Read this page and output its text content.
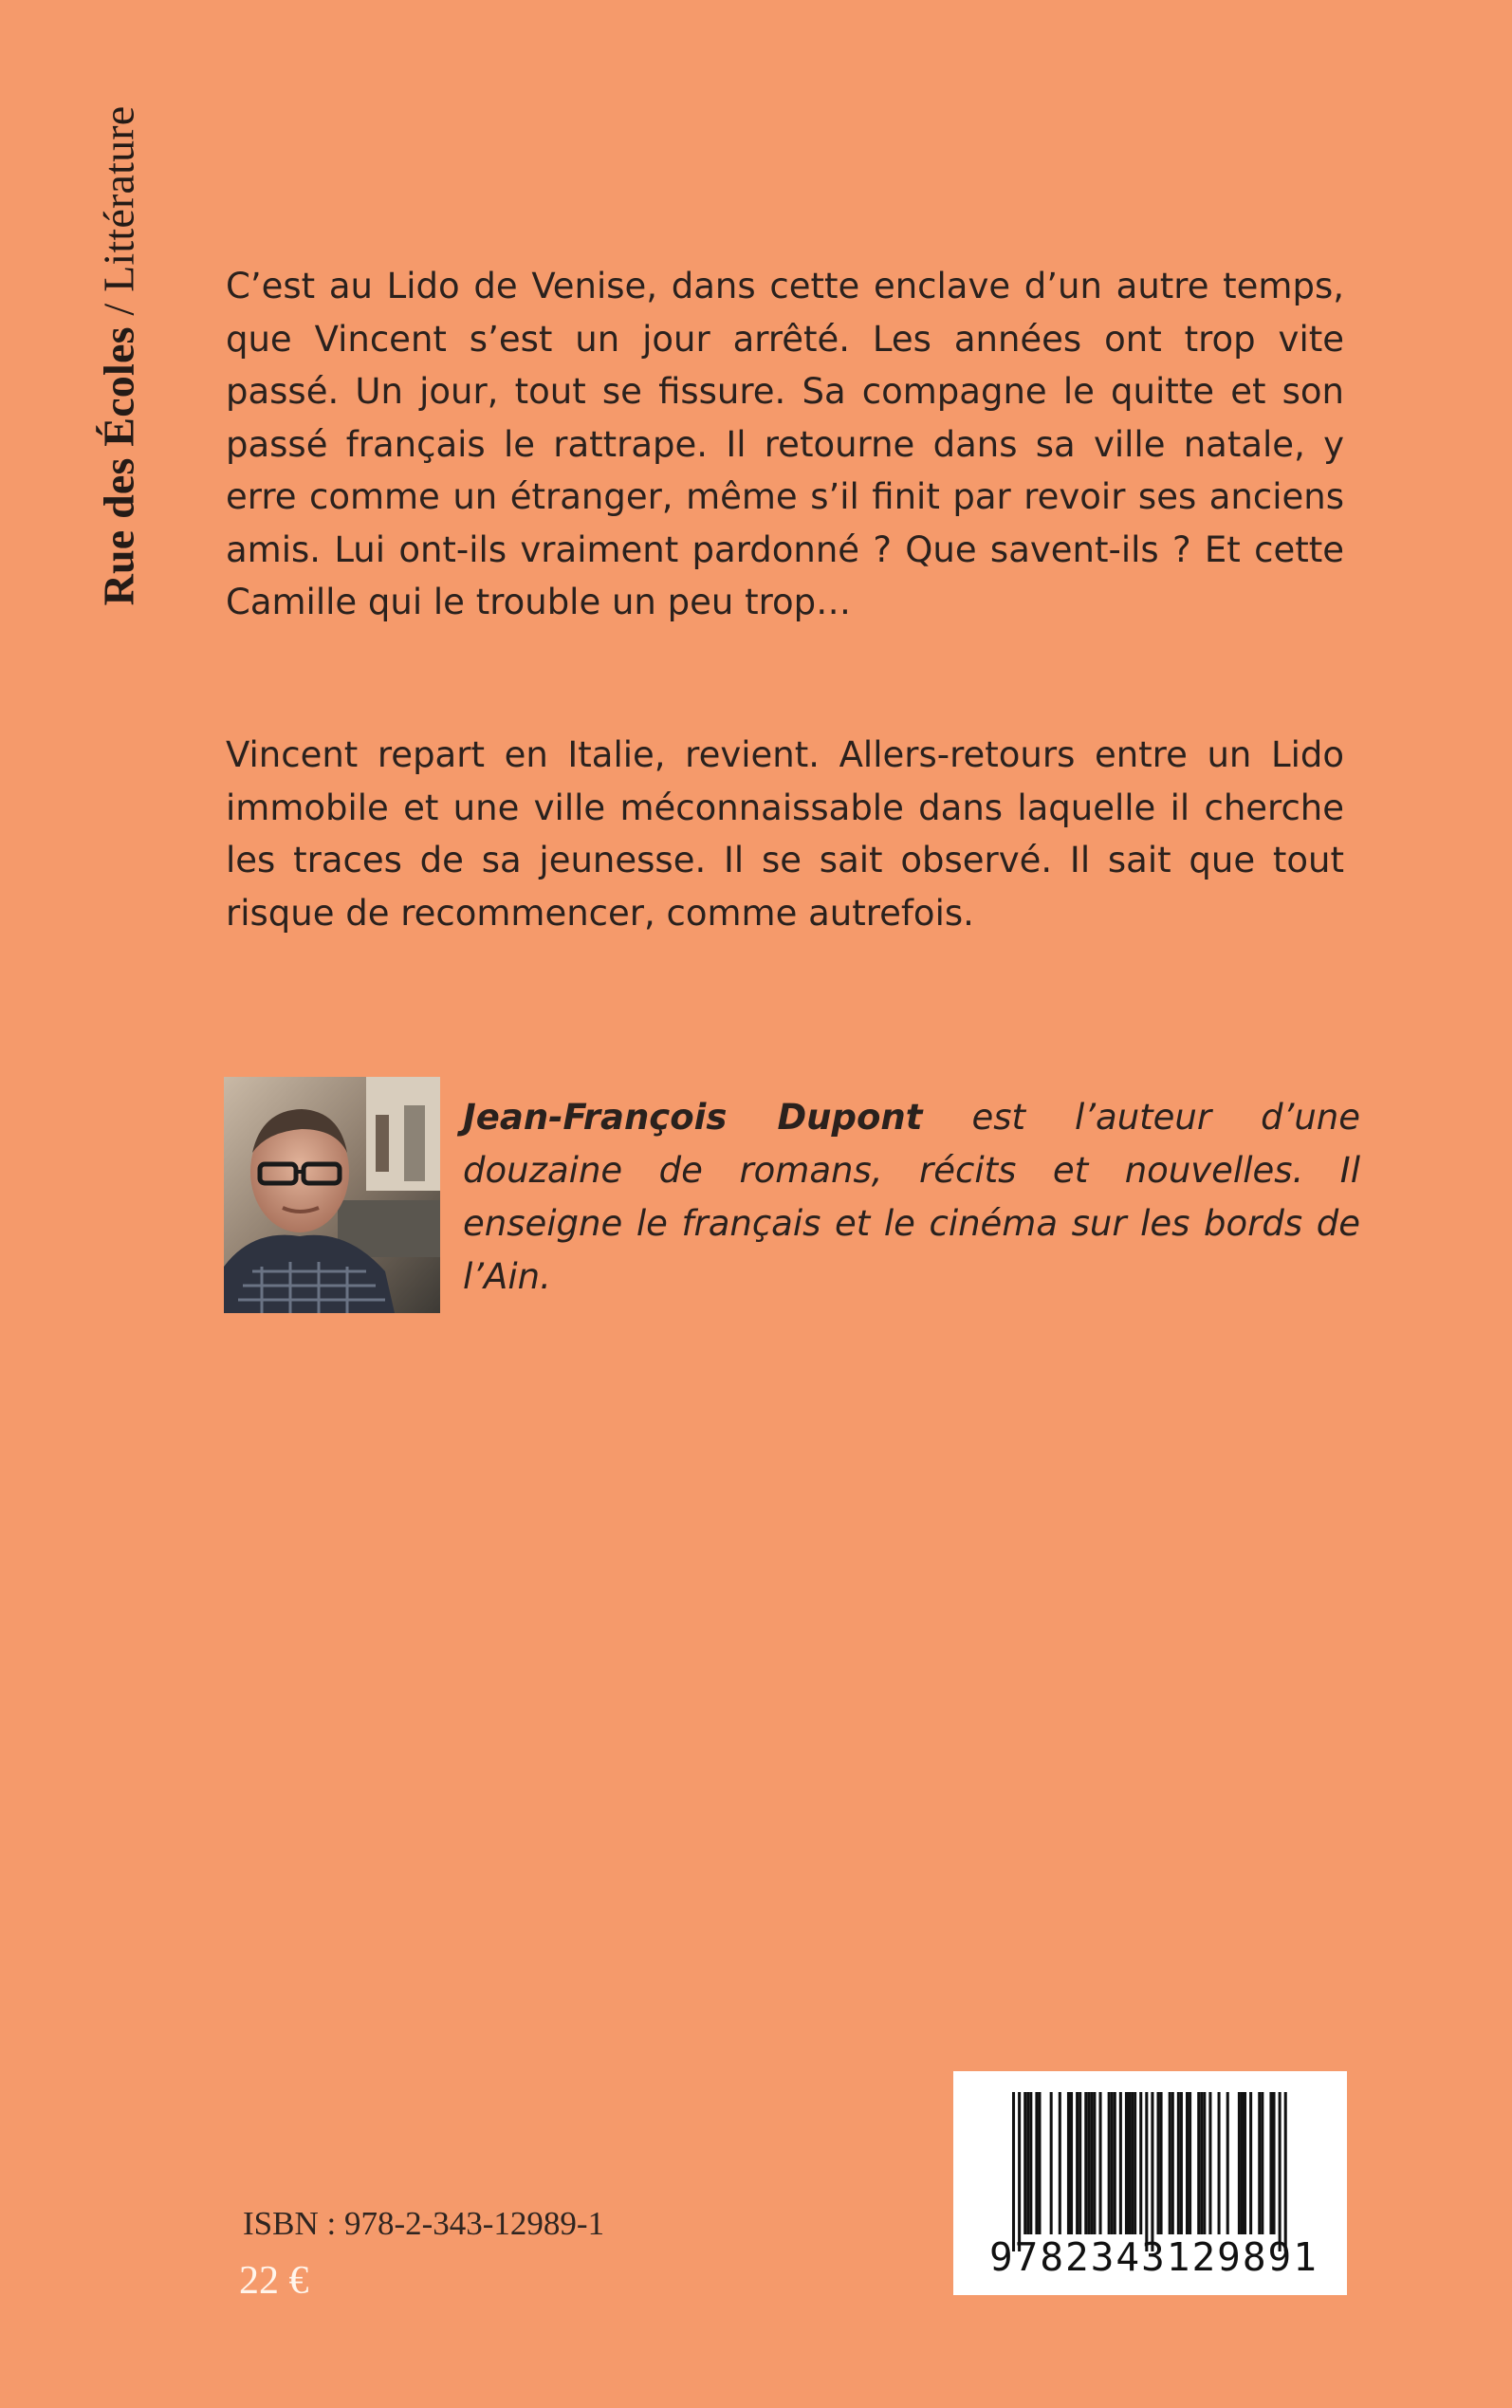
Rue des Écoles / Littérature C’est au Lido de Venise, dans cette enclave d’un autre temps, que Vincent s’est un jour arrêté. Les années ont trop vite passé. Un jour, tout se fissure. Sa compagne le quitte et son passé français le rattrape. Il retourne dans sa ville natale, y erre comme un étranger, même s’il finit par revoir ses anciens amis. Lui ont-ils vraiment pardonné ? Que savent-ils ? Et cette Camille qui le trouble un peu trop…

Vincent repart en Italie, revient. Allers-retours entre un Lido immobile et une ville méconnaissable dans laquelle il cherche les traces de sa jeunesse. Il se sait observé. Il sait que tout risque de recommencer, comme autrefois.

Jean-François Dupont est l’auteur d’une douzaine de romans, récits et nouvelles. Il enseigne le français et le cinéma sur les bords de l’Ain.

ISBN : 978-2-343-12989-1
22 €
9782343129891
